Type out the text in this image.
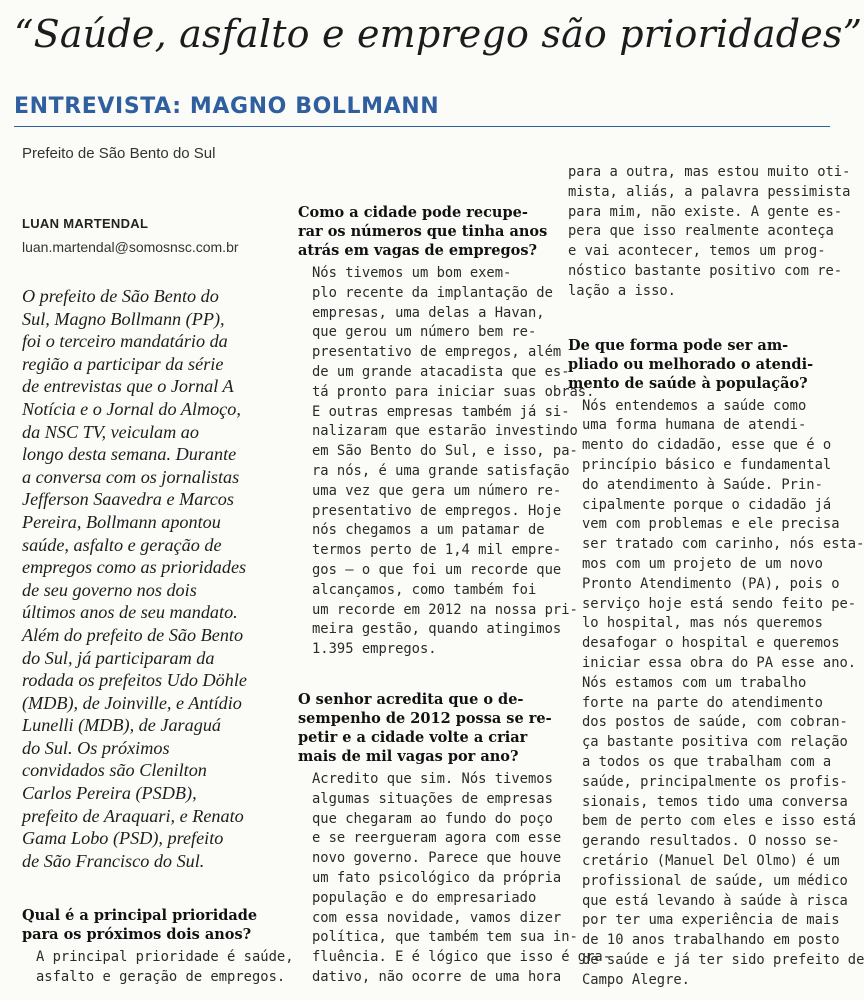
“Saúde, asfalto e emprego são prioridades”
ENTREVISTA: MAGNO BOLLMANN
Prefeito de São Bento do Sul
LUAN MARTENDAL
luan.martendal@somosnsc.com.br
O prefeito de São Bento do
Sul, Magno Bollmann (PP),
foi o terceiro mandatário da
região a participar da série
de entrevistas que o Jornal A
Notícia e o Jornal do Almoço,
da NSC TV, veiculam ao
longo desta semana. Durante
a conversa com os jornalistas
Jefferson Saavedra e Marcos
Pereira, Bollmann apontou
saúde, asfalto e geração de
empregos como as prioridades
de seu governo nos dois
últimos anos de seu mandato.
Além do prefeito de São Bento
do Sul, já participaram da
rodada os prefeitos Udo Döhle
(MDB), de Joinville, e Antídio
Lunelli (MDB), de Jaraguá
do Sul. Os próximos
convidados são Clenilton
Carlos Pereira (PSDB),
prefeito de Araquari, e Renato
Gama Lobo (PSD), prefeito
de São Francisco do Sul.
Qual é a principal prioridade
para os próximos dois anos?
A principal prioridade é saúde,
asfalto e geração de empregos.
Como a cidade pode recupe-
rar os números que tinha anos
atrás em vagas de empregos?
Nós tivemos um bom exem-
plo recente da implantação de
empresas, uma delas a Havan,
que gerou um número bem re-
presentativo de empregos, além
de um grande atacadista que es-
tá pronto para iniciar suas obras.
E outras empresas também já si-
nalizaram que estarão investindo
em São Bento do Sul, e isso, pa-
ra nós, é uma grande satisfação
uma vez que gera um número re-
presentativo de empregos. Hoje
nós chegamos a um patamar de
termos perto de 1,4 mil empre-
gos – o que foi um recorde que
alcançamos, como também foi
um recorde em 2012 na nossa pri-
meira gestão, quando atingimos
1.395 empregos.
O senhor acredita que o de-
sempenho de 2012 possa se re-
petir e a cidade volte a criar
mais de mil vagas por ano?
Acredito que sim. Nós tivemos
algumas situações de empresas
que chegaram ao fundo do poço
e se reergueram agora com esse
novo governo. Parece que houve
um fato psicológico da própria
população e do empresariado
com essa novidade, vamos dizer
política, que também tem sua in-
fluência. E é lógico que isso é gra-
dativo, não ocorre de uma hora
para a outra, mas estou muito oti-
mista, aliás, a palavra pessimista
para mim, não existe. A gente es-
pera que isso realmente aconteça
e vai acontecer, temos um prog-
nóstico bastante positivo com re-
lação a isso.
De que forma pode ser am-
pliado ou melhorado o atendi-
mento de saúde à população?
Nós entendemos a saúde como
uma forma humana de atendi-
mento do cidadão, esse que é o
princípio básico e fundamental
do atendimento à Saúde. Prin-
cipalmente porque o cidadão já
vem com problemas e ele precisa
ser tratado com carinho, nós esta-
mos com um projeto de um novo
Pronto Atendimento (PA), pois o
serviço hoje está sendo feito pe-
lo hospital, mas nós queremos
desafogar o hospital e queremos
iniciar essa obra do PA esse ano.
Nós estamos com um trabalho
forte na parte do atendimento
dos postos de saúde, com cobran-
ça bastante positiva com relação
a todos os que trabalham com a
saúde, principalmente os profis-
sionais, temos tido uma conversa
bem de perto com eles e isso está
gerando resultados. O nosso se-
cretário (Manuel Del Olmo) é um
profissional de saúde, um médico
que está levando à saúde à risca
por ter uma experiência de mais
de 10 anos trabalhando em posto
de saúde e já ter sido prefeito de
Campo Alegre.
